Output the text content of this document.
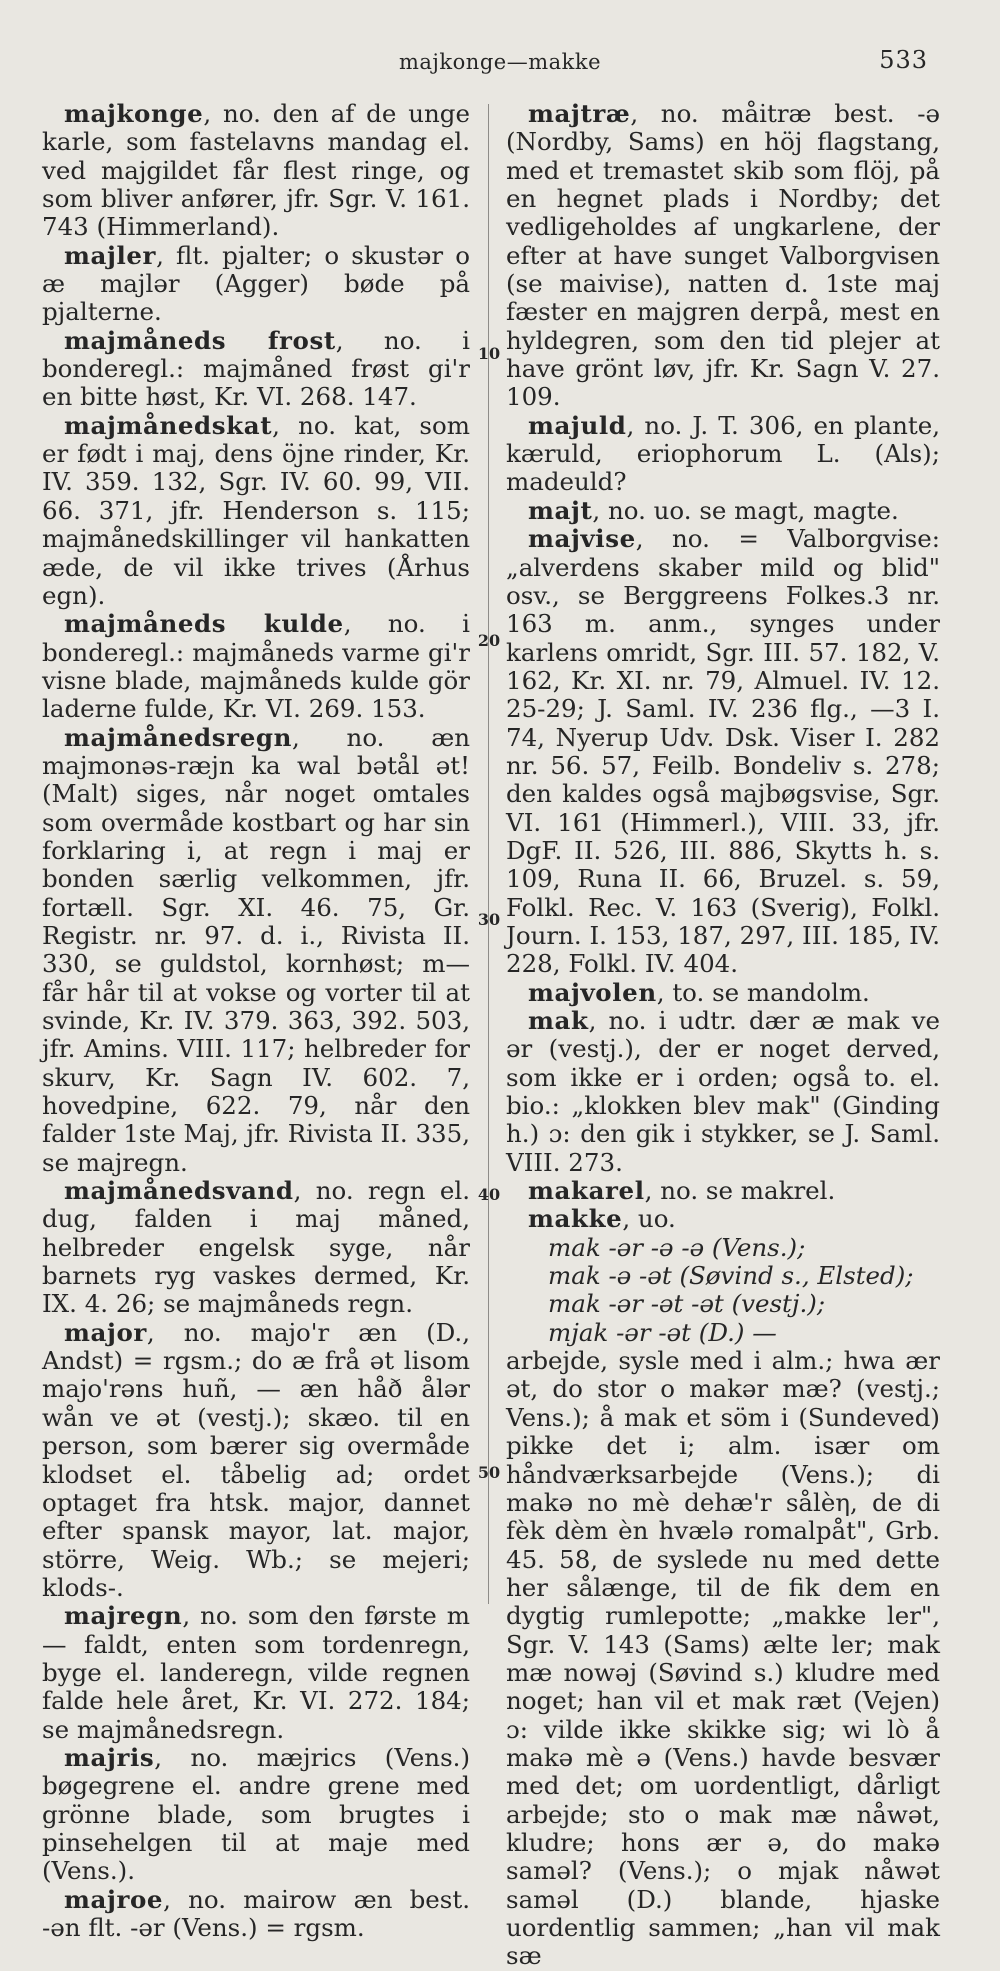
majkonge—makke	533
10
20
30
40
50

majkonge, no. den af de unge karle, som fastelavns mandag el. ved majgildet får flest ringe, og som bliver anfører, jfr. Sgr. V. 161. 743 (Himmerland).

majler, flt. pjalter; o skustər o æ majlər (Agger) bøde på pjalterne.

majmåneds frost, no. i bonderegl.: majmåned frøst gi'r en bitte høst, Kr. VI. 268. 147.

majmånedskat, no. kat, som er født i maj, dens öjne rinder, Kr. IV. 359. 132, Sgr. IV. 60. 99, VII. 66. 371, jfr. Henderson s. 115; majmånedskillinger vil hankatten æde, de vil ikke trives (Århus egn).

majmåneds kulde, no. i bonderegl.: majmåneds varme gi'r visne blade, majmåneds kulde gör laderne fulde, Kr. VI. 269. 153.

majmånedsregn, no. æn majmonəs-ræjn ka wal bətål ət! (Malt) siges, når noget omtales som overmåde kostbart og har sin forklaring i, at regn i maj er bonden særlig velkommen, jfr. fortæll. Sgr. XI. 46. 75, Gr. Registr. nr. 97. d. i., Rivista II. 330, se guldstol, kornhøst; m— får hår til at vokse og vorter til at svinde, Kr. IV. 379. 363, 392. 503, jfr. Amins. VIII. 117; helbreder for skurv, Kr. Sagn IV. 602. 7, hovedpine, 622. 79, når den falder 1ste Maj, jfr. Rivista II. 335, se majregn.

majmånedsvand, no. regn el. dug, falden i maj måned, helbreder engelsk syge, når barnets ryg vaskes dermed, Kr. IX. 4. 26; se majmåneds regn.

major, no. majo'r æn (D., Andst) = rgsm.; do æ frå ət lisom majo'rəns huñ, — æn håð ålər wån ve ət (vestj.); skæo. til en person, som bærer sig overmåde klodset el. tåbelig ad; ordet optaget fra htsk. major, dannet efter spansk mayor, lat. major, större, Weig. Wb.; se mejeri; klods-.

majregn, no. som den første m— faldt, enten som tordenregn, byge el. landeregn, vilde regnen falde hele året, Kr. VI. 272. 184; se majmånedsregn.

majris, no. mæjrics (Vens.) bøgegrene el. andre grene med grönne blade, som brugtes i pinsehelgen til at maje med (Vens.).

majroe, no. mairow æn best. -ən flt. -ər (Vens.) = rgsm.

majtræ, no. måitræ best. -ə (Nordby, Sams) en höj flagstang, med et tremastet skib som flöj, på en hegnet plads i Nordby; det vedligeholdes af ungkarlene, der efter at have sunget Valborgvisen (se maivise), natten d. 1ste maj fæster en majgren derpå, mest en hyldegren, som den tid plejer at have grönt løv, jfr. Kr. Sagn V. 27. 109.

majuld, no. J. T. 306, en plante, kæruld, eriophorum L. (Als); madeuld?

majt, no. uo. se magt, magte.

majvise, no. = Valborgvise: „alverdens skaber mild og blid" osv., se Berggreens Folkes.3 nr. 163 m. anm., synges under karlens omridt, Sgr. III. 57. 182, V. 162, Kr. XI. nr. 79, Almuel. IV. 12. 25-29; J. Saml. IV. 236 flg., —3 I. 74, Nyerup Udv. Dsk. Viser I. 282 nr. 56. 57, Feilb. Bondeliv s. 278; den kaldes også majbøgsvise, Sgr. VI. 161 (Himmerl.), VIII. 33, jfr. DgF. II. 526, III. 886, Skytts h. s. 109, Runa II. 66, Bruzel. s. 59, Folkl. Rec. V. 163 (Sverig), Folkl. Journ. I. 153, 187, 297, III. 185, IV. 228, Folkl. IV. 404.

majvolen, to. se mandolm.

mak, no. i udtr. dær æ mak ve ər (vestj.), der er noget derved, som ikke er i orden; også to. el. bio.: „klokken blev mak" (Ginding h.) ɔ: den gik i stykker, se J. Saml. VIII. 273.

makarel, no. se makrel.

makke, uo.

mak -ər -ə -ə (Vens.);
mak -ə -ət (Søvind s., Elsted);
mak -ər -ət -ət (vestj.);
mjak -ər -ət (D.) —

arbejde, sysle med i alm.; hwa ær ət, do stor o makər mæ? (vestj.; Vens.); å mak et söm i (Sundeved) pikke det i; alm. især om håndværksarbejde (Vens.); di makə no mè dehæ'r sålèη, de di fèk dèm èn hvælə romalpåt", Grb. 45. 58, de syslede nu med dette her sålænge, til de fik dem en dygtig rumlepotte; „makke ler", Sgr. V. 143 (Sams) ælte ler; mak mæ nowəj (Søvind s.) kludre med noget; han vil et mak ræt (Vejen) ɔ: vilde ikke skikke sig; wi lò å makə mè ə (Vens.) havde besvær med det; om uordentligt, dårligt arbejde; sto o mak mæ nåwət, kludre; hons ær ə, do makə saməl? (Vens.); o mjak nåwət saməl (D.) blande, hjaske uordentlig sammen; „han vil mak sæ
